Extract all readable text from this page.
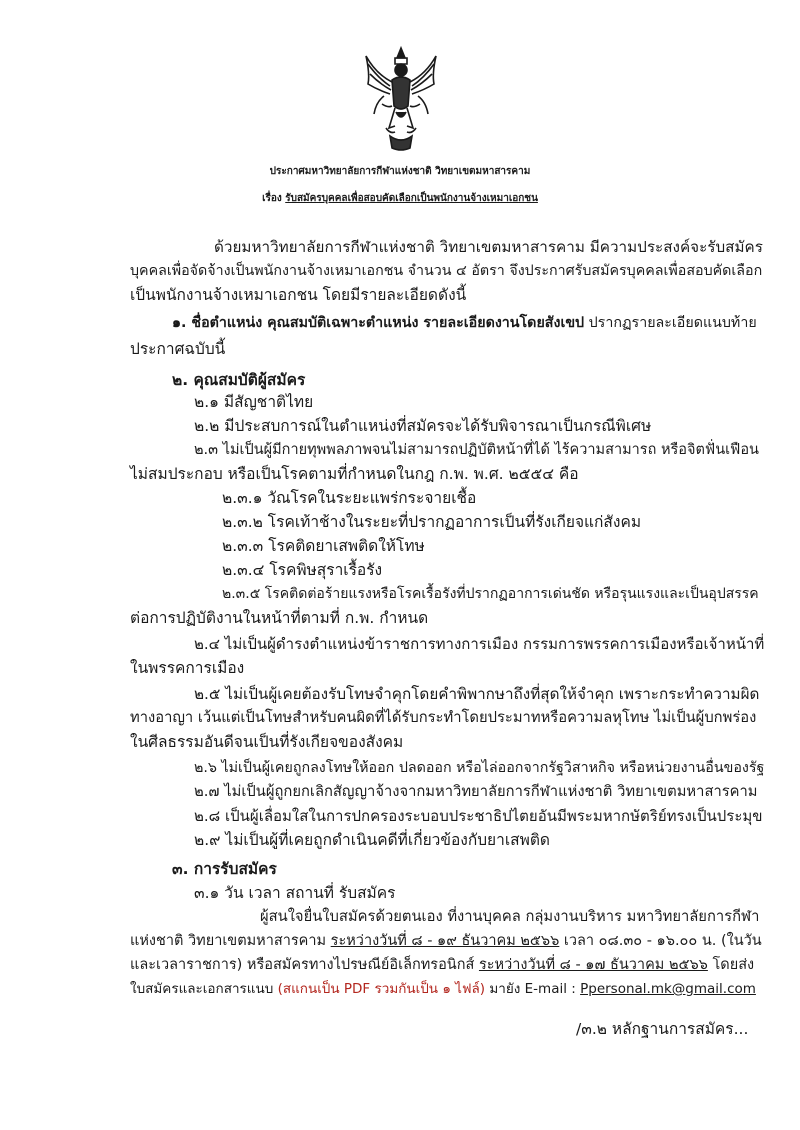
ประกาศมหาวิทยาลัยการกีฬาแห่งชาติ วิทยาเขตมหาสารคาม
เรื่อง รับสมัครบุคคลเพื่อสอบคัดเลือกเป็นพนักงานจ้างเหมาเอกชน
ด้วยมหาวิทยาลัยการกีฬาแห่งชาติ วิทยาเขตมหาสารคาม มีความประสงค์จะรับสมัคร
บุคคลเพื่อจัดจ้างเป็นพนักงานจ้างเหมาเอกชน จำนวน ๔ อัตรา จึงประกาศรับสมัครบุคคลเพื่อสอบคัดเลือก
เป็นพนักงานจ้างเหมาเอกชน โดยมีรายละเอียดดังนี้
๑. ชื่อตำแหน่ง คุณสมบัติเฉพาะตำแหน่ง รายละเอียดงานโดยสังเขป ปรากฏรายละเอียดแนบท้าย
ประกาศฉบับนี้
๒. คุณสมบัติผู้สมัคร
๒.๑ มีสัญชาติไทย
๒.๒ มีประสบการณ์ในตำแหน่งที่สมัครจะได้รับพิจารณาเป็นกรณีพิเศษ
๒.๓ ไม่เป็นผู้มีกายทุพพลภาพจนไม่สามารถปฏิบัติหน้าที่ได้ ไร้ความสามารถ หรือจิตฟั่นเฟือน
ไม่สมประกอบ หรือเป็นโรคตามที่กำหนดในกฎ ก.พ. พ.ศ. ๒๕๕๔ คือ
๒.๓.๑ วัณโรคในระยะแพร่กระจายเชื้อ
๒.๓.๒ โรคเท้าช้างในระยะที่ปรากฏอาการเป็นที่รังเกียจแก่สังคม
๒.๓.๓ โรคติดยาเสพติดให้โทษ
๒.๓.๔ โรคพิษสุราเรื้อรัง
๒.๓.๕ โรคติดต่อร้ายแรงหรือโรคเรื้อรังที่ปรากฏอาการเด่นชัด หรือรุนแรงและเป็นอุปสรรค
ต่อการปฏิบัติงานในหน้าที่ตามที่ ก.พ. กำหนด
๒.๔ ไม่เป็นผู้ดำรงตำแหน่งข้าราชการทางการเมือง กรรมการพรรคการเมืองหรือเจ้าหน้าที่
ในพรรคการเมือง
๒.๕ ไม่เป็นผู้เคยต้องรับโทษจำคุกโดยคำพิพากษาถึงที่สุดให้จำคุก เพราะกระทำความผิด
ทางอาญา เว้นแต่เป็นโทษสำหรับคนผิดที่ได้รับกระทำโดยประมาทหรือความลหุโทษ ไม่เป็นผู้บกพร่อง
ในศีลธรรมอันดีจนเป็นที่รังเกียจของสังคม
๒.๖ ไม่เป็นผู้เคยถูกลงโทษให้ออก ปลดออก หรือไล่ออกจากรัฐวิสาหกิจ หรือหน่วยงานอื่นของรัฐ
๒.๗ ไม่เป็นผู้ถูกยกเลิกสัญญาจ้างจากมหาวิทยาลัยการกีฬาแห่งชาติ วิทยาเขตมหาสารคาม
๒.๘ เป็นผู้เลื่อมใสในการปกครองระบอบประชาธิปไตยอันมีพระมหากษัตริย์ทรงเป็นประมุข
๒.๙ ไม่เป็นผู้ที่เคยถูกดำเนินคดีที่เกี่ยวข้องกับยาเสพติด
๓. การรับสมัคร
๓.๑ วัน เวลา สถานที่ รับสมัคร
ผู้สนใจยื่นใบสมัครด้วยตนเอง ที่งานบุคคล กลุ่มงานบริหาร มหาวิทยาลัยการกีฬา
แห่งชาติ วิทยาเขตมหาสารคาม ระหว่างวันที่ ๘ - ๑๙ ธันวาคม ๒๕๖๖ เวลา ๐๘.๓๐ - ๑๖.๐๐ น. (ในวัน
และเวลาราชการ) หรือสมัครทางไปรษณีย์อิเล็กทรอนิกส์ ระหว่างวันที่ ๘ - ๑๗ ธันวาคม ๒๕๖๖ โดยส่ง
ใบสมัครและเอกสารแนบ (สแกนเป็น PDF รวมกันเป็น ๑ ไฟล์) มายัง E-mail : Ppersonal.mk@gmail.com
/๓.๒ หลักฐานการสมัคร...
